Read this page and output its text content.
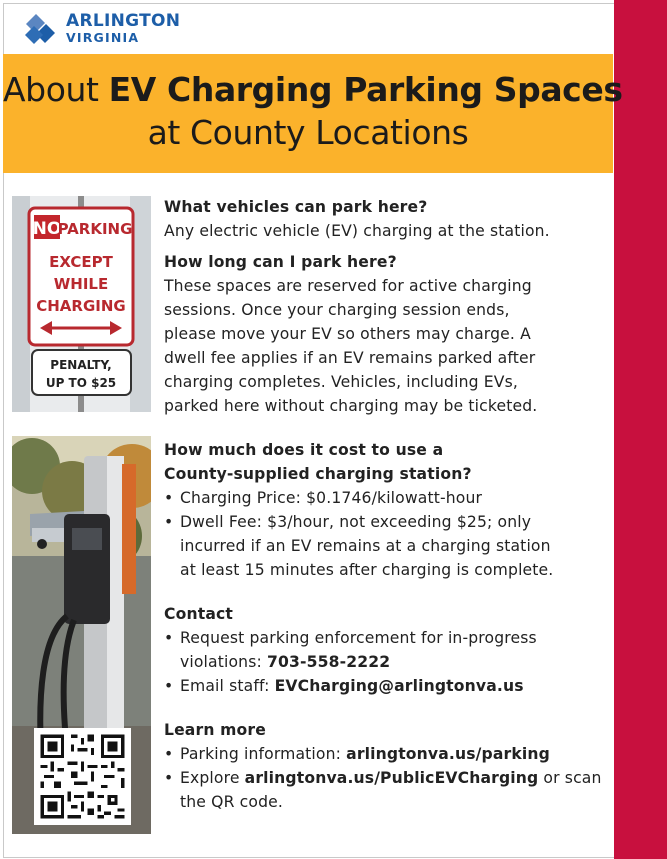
ARLINGTON
VIRGINIA
About EV Charging Parking Spaces
at County Locations
NO
PARKING
EXCEPT
WHILE
CHARGING
PENALTY,
UP TO $25
What vehicles can park here?
Any electric vehicle (EV) charging at the station.
How long can I park here?
These spaces are reserved for active charging
sessions. Once your charging session ends,
please move your EV so others may charge. A
dwell fee applies if an EV remains parked after
charging completes. Vehicles, including EVs,
parked here without charging may be ticketed.
How much does it cost to use a
County-supplied charging station?
• Charging Price: $0.1746/kilowatt-hour
• Dwell Fee: $3/hour, not exceeding $25; only
incurred if an EV remains at a charging station
at least 15 minutes after charging is complete.
Contact
• Request parking enforcement for in-progress
violations: 703-558-2222
• Email staff: EVCharging@arlingtonva.us
Learn more
• Parking information: arlingtonva.us/parking
• Explore arlingtonva.us/PublicEVCharging or scan
the QR code.
